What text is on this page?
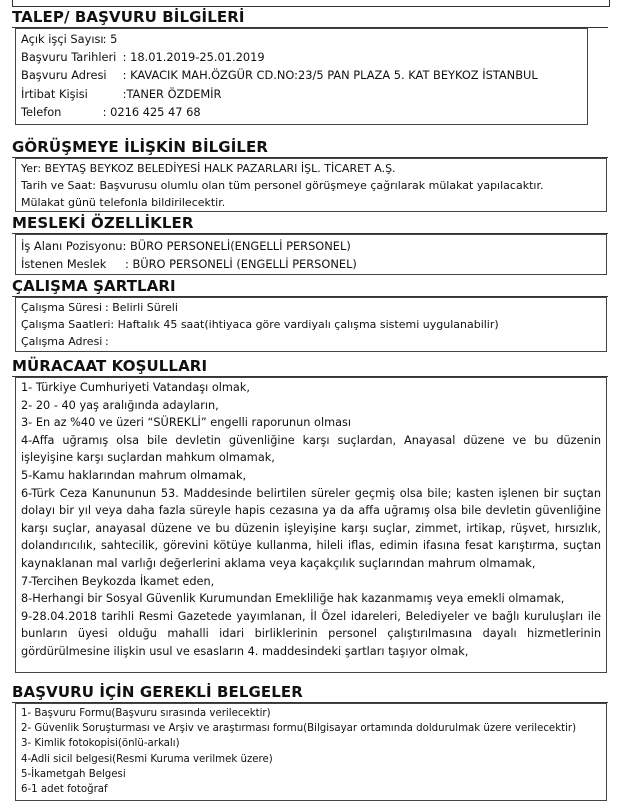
TALEP/ BAŞVURU BİLGİLERİ
Açık işçi Sayısı : 5
Başvuru Tarihleri : 18.01.2019-25.01.2019
Başvuru Adresi : KAVACIK MAH.ÖZGÜR CD.NO:23/5 PAN PLAZA 5. KAT BEYKOZ İSTANBUL
İrtibat Kişisi	:TANER ÖZDEMİR
Telefon	: 0216 425 47 68
GÖRÜŞMEYE İLİŞKİN BİLGİLER
Yer: BEYTAŞ BEYKOZ BELEDİYESİ HALK PAZARLARI İŞL. TİCARET A.Ş.
Tarih ve Saat: Başvurusu olumlu olan tüm personel görüşmeye çağrılarak mülakat yapılacaktır.
Mülakat günü telefonla bildirilecektir.
MESLEKİ ÖZELLİKLER
İş Alanı Pozisyonu: BÜRO PERSONELİ(ENGELLİ PERSONEL)
İstenen Meslek : BÜRO PERSONELİ (ENGELLİ PERSONEL)
ÇALIŞMA ŞARTLARI
Çalışma Süresi : Belirli Süreli
Çalışma Saatleri: Haftalık 45 saat(ihtiyaca göre vardiyalı çalışma sistemi uygulanabilir)
Çalışma Adresi :
MÜRACAAT KOŞULLARI
1- Türkiye Cumhuriyeti Vatandaşı olmak,
2- 20 - 40 yaş aralığında adayların,
3- En az %40 ve üzeri “SÜREKLİ” engelli raporunun olması
4-Affa uğramış olsa bile devletin güvenliğine karşı suçlardan, Anayasal düzene ve bu düzenin işleyişine karşı suçlardan mahkum olmamak,
5-Kamu haklarından mahrum olmamak,
6-Türk Ceza Kanununun 53. Maddesinde belirtilen süreler geçmiş olsa bile; kasten işlenen bir suçtan dolayı bir yıl veya daha fazla süreyle hapis cezasına ya da affa uğramış olsa bile devletin güvenliğine karşı suçlar, anayasal düzene ve bu düzenin işleyişine karşı suçlar, zimmet, irtikap, rüşvet, hırsızlık, dolandırıcılık, sahtecilik, görevini kötüye kullanma, hileli iflas, edimin ifasına fesat karıştırma, suçtan kaynaklanan mal varlığı değerlerini aklama veya kaçakçılık suçlarından mahrum olmamak,
7-Tercihen Beykozda İkamet eden,
8-Herhangi bir Sosyal Güvenlik Kurumundan Emekliliğe hak kazanmamış veya emekli olmamak,
9-28.04.2018 tarihli Resmi Gazetede yayımlanan, İl Özel idareleri, Belediyeler ve bağlı kuruluşları ile bunların üyesi olduğu mahalli idari birliklerinin personel çalıştırılmasına dayalı hizmetlerinin gördürülmesine ilişkin usul ve esasların 4. maddesindeki şartları taşıyor olmak,
BAŞVURU İÇİN GEREKLİ BELGELER
1- Başvuru Formu(Başvuru sırasında verilecektir)
2- Güvenlik Soruşturması ve Arşiv ve araştırması formu(Bilgisayar ortamında doldurulmak üzere verilecektir)
3- Kimlik fotokopisi(önlü-arkalı)
4-Adli sicil belgesi(Resmi Kuruma verilmek üzere)
5-İkametgah Belgesi
6-1 adet fotoğraf
